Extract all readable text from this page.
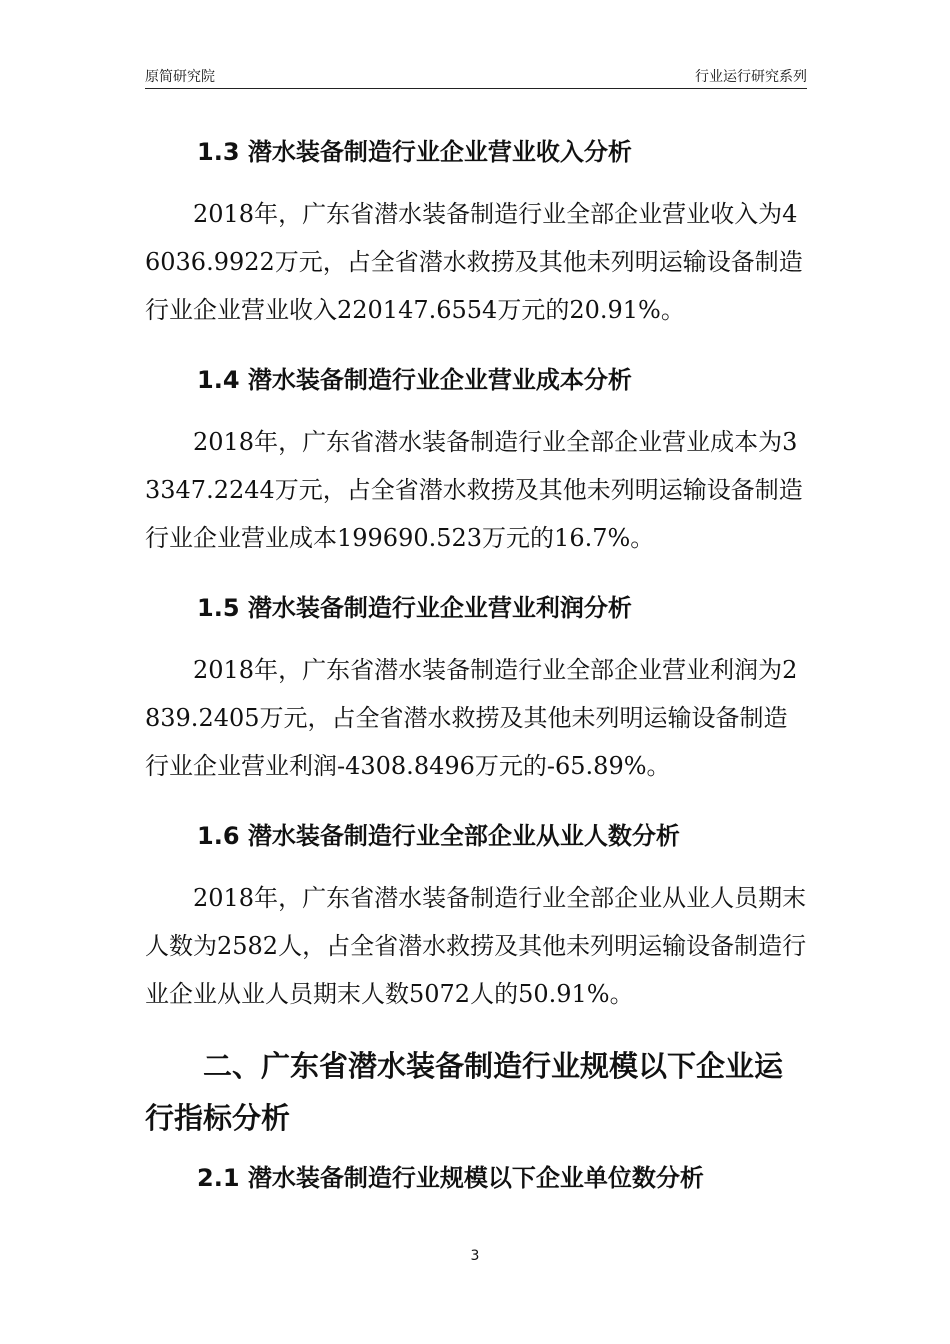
原简研究院	行业运行研究系列
1.3 潜水装备制造行业企业营业收入分析
2018年，广东省潜水装备制造行业全部企业营业收入为46036.9922万元，占全省潜水救捞及其他未列明运输设备制造行业企业营业收入220147.6554万元的20.91%。
1.4 潜水装备制造行业企业营业成本分析
2018年，广东省潜水装备制造行业全部企业营业成本为33347.2244万元，占全省潜水救捞及其他未列明运输设备制造行业企业营业成本199690.523万元的16.7%。
1.5 潜水装备制造行业企业营业利润分析
2018年，广东省潜水装备制造行业全部企业营业利润为2839.2405万元，占全省潜水救捞及其他未列明运输设备制造行业企业营业利润-4308.8496万元的-65.89%。
1.6 潜水装备制造行业全部企业从业人数分析
2018年，广东省潜水装备制造行业全部企业从业人员期末人数为2582人，占全省潜水救捞及其他未列明运输设备制造行业企业从业人员期末人数5072人的50.91%。
二、广东省潜水装备制造行业规模以下企业运行指标分析
2.1 潜水装备制造行业规模以下企业单位数分析
3
